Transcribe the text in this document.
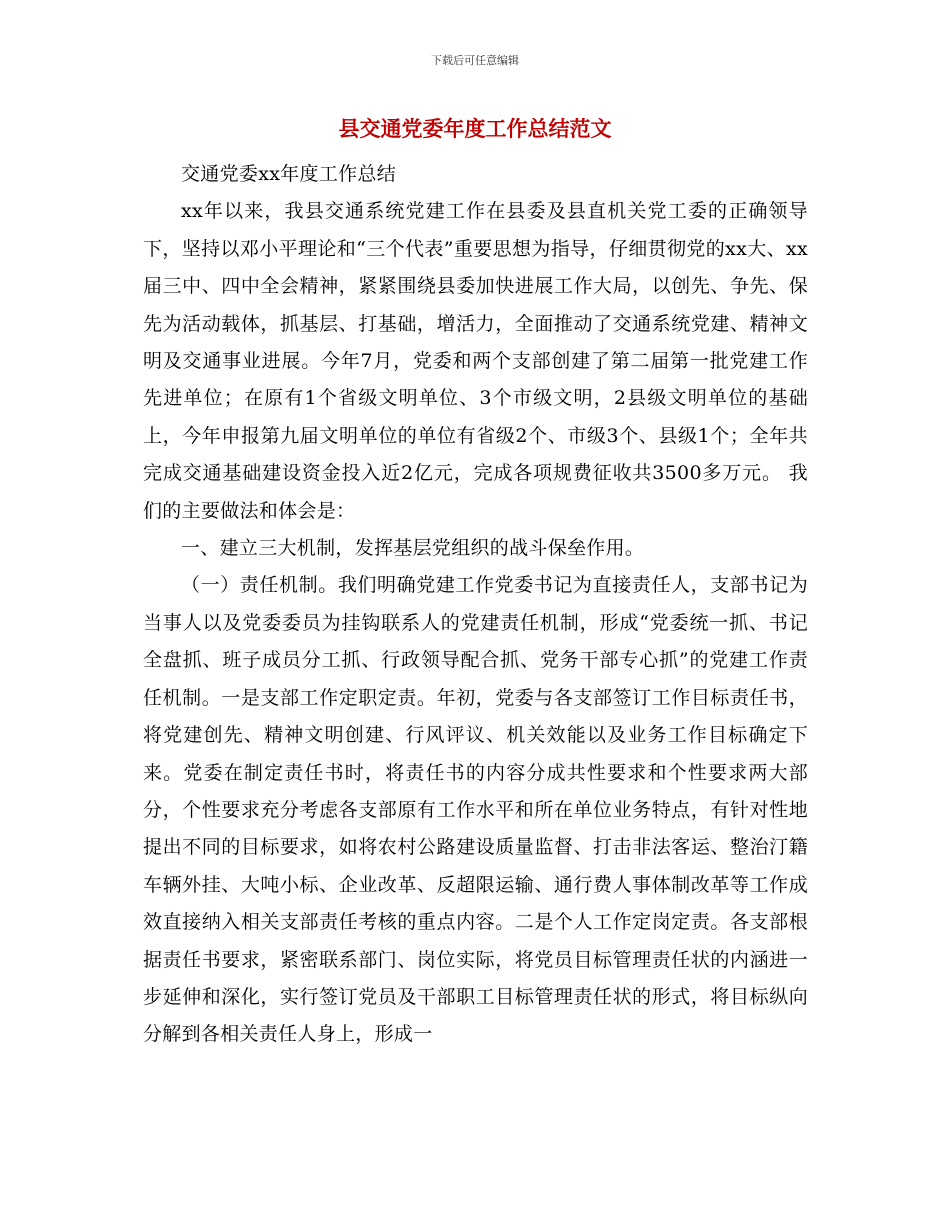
下载后可任意编辑
县交通党委年度工作总结范文

交通党委xx年度工作总结

xx年以来，我县交通系统党建工作在县委及县直机关党工委的正确领导下，坚持以邓小平理论和“三个代表”重要思想为指导，仔细贯彻党的xx大、xx届三中、四中全会精神，紧紧围绕县委加快进展工作大局，以创先、争先、保先为活动载体，抓基层、打基础，增活力，全面推动了交通系统党建、精神文明及交通事业进展。今年7月，党委和两个支部创建了第二届第一批党建工作先进单位；在原有1个省级文明单位、3个市级文明，2县级文明单位的基础上，今年申报第九届文明单位的单位有省级2个、市级3个、县级1个；全年共完成交通基础建设资金投入近2亿元，完成各项规费征收共3500多万元。 我们的主要做法和体会是：

一、建立三大机制，发挥基层党组织的战斗保垒作用。

（一）责任机制。我们明确党建工作党委书记为直接责任人，支部书记为当事人以及党委委员为挂钩联系人的党建责任机制，形成“党委统一抓、书记全盘抓、班子成员分工抓、行政领导配合抓、党务干部专心抓”的党建工作责任机制。一是支部工作定职定责。年初，党委与各支部签订工作目标责任书，将党建创先、精神文明创建、行风评议、机关效能以及业务工作目标确定下来。党委在制定责任书时，将责任书的内容分成共性要求和个性要求两大部分，个性要求充分考虑各支部原有工作水平和所在单位业务特点，有针对性地提出不同的目标要求，如将农村公路建设质量监督、打击非法客运、整治汀籍车辆外挂、大吨小标、企业改革、反超限运输、通行费人事体制改革等工作成效直接纳入相关支部责任考核的重点内容。二是个人工作定岗定责。各支部根据责任书要求，紧密联系部门、岗位实际，将党员目标管理责任状的内涵进一步延伸和深化，实行签订党员及干部职工目标管理责任状的形式，将目标纵向分解到各相关责任人身上，形成一
